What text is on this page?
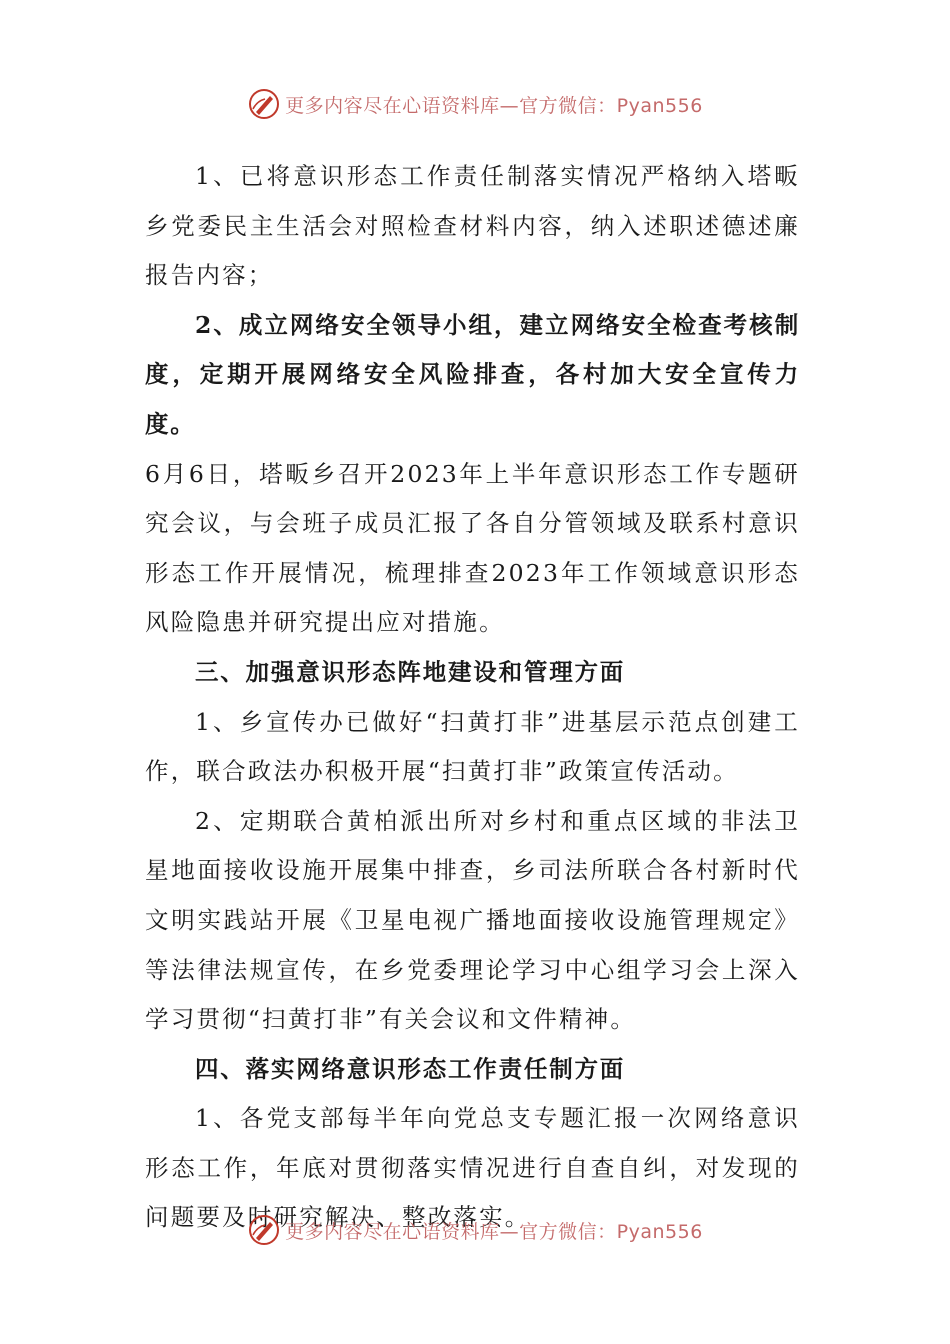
更多内容尽在心语资料库—官方微信：Pyan556

1、已将意识形态工作责任制落实情况严格纳入塔畈乡党委民主生活会对照检查材料内容，纳入述职述德述廉报告内容；

2、成立网络安全领导小组，建立网络安全检查考核制度，定期开展网络安全风险排查，各村加大安全宣传力度。

6月6日，塔畈乡召开2023年上半年意识形态工作专题研究会议，与会班子成员汇报了各自分管领域及联系村意识形态工作开展情况，梳理排查2023年工作领域意识形态风险隐患并研究提出应对措施。

三、加强意识形态阵地建设和管理方面

1、乡宣传办已做好“扫黄打非”进基层示范点创建工作，联合政法办积极开展“扫黄打非”政策宣传活动。

2、定期联合黄柏派出所对乡村和重点区域的非法卫星地面接收设施开展集中排查，乡司法所联合各村新时代文明实践站开展《卫星电视广播地面接收设施管理规定》等法律法规宣传，在乡党委理论学习中心组学习会上深入学习贯彻“扫黄打非”有关会议和文件精神。

四、落实网络意识形态工作责任制方面

1、各党支部每半年向党总支专题汇报一次网络意识形态工作，年底对贯彻落实情况进行自查自纠，对发现的问题要及时研究解决、整改落实。

更多内容尽在心语资料库—官方微信：Pyan556
